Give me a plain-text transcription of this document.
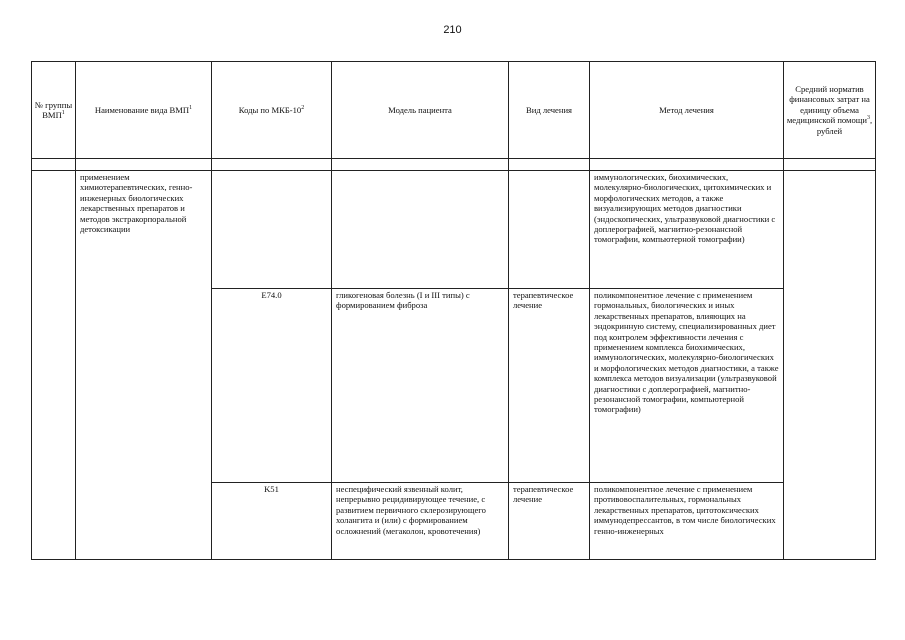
210
№ группы ВМП$^1$	Наименование вида ВМП$^1$	Коды по МКБ-$10^2$	Модель пациента	Вид лечения	Метод лечения	Средний норматив финансовых затрат на единицу объема медицинской помощи$^3$, рублей

	применением химиотерапевтических, генно-инженерных биологических лекарственных препаратов и методов экстракорпоральной детоксикации				иммунологических, биохимических, молекулярно-биологических, цитохимических и морфологических методов, а также визуализирующих методов диагностики (эндоскопических, ультразвуковой диагностики с доплерографией, магнитно-резонансной томографии, компьютерной томографии)	
		E74.0	гликогеновая болезнь (I и III типы) с формированием фиброза	терапевтическое лечение	поликомпонентное лечение с применением гормональных, биологических и иных лекарственных препаратов, влияющих на эндокринную систему, специализированных диет под контролем эффективности лечения с применением комплекса биохимических, иммунологических, молекулярно-биологических и морфологических методов диагностики, а также комплекса методов визуализации (ультразвуковой диагностики с доплерографией, магнитно-резонансной томографии, компьютерной томографии)	
		K51	неспецифический язвенный колит, непрерывно рецидивирующее течение, с развитием первичного склерозирующего холангита и (или) с формированием осложнений (мегаколон, кровотечения)	терапевтическое лечение	поликомпонентное лечение с применением противовоспалительных, гормональных лекарственных препаратов, цитотоксических иммунодепрессантов, в том числе биологических генно-инженерных	
